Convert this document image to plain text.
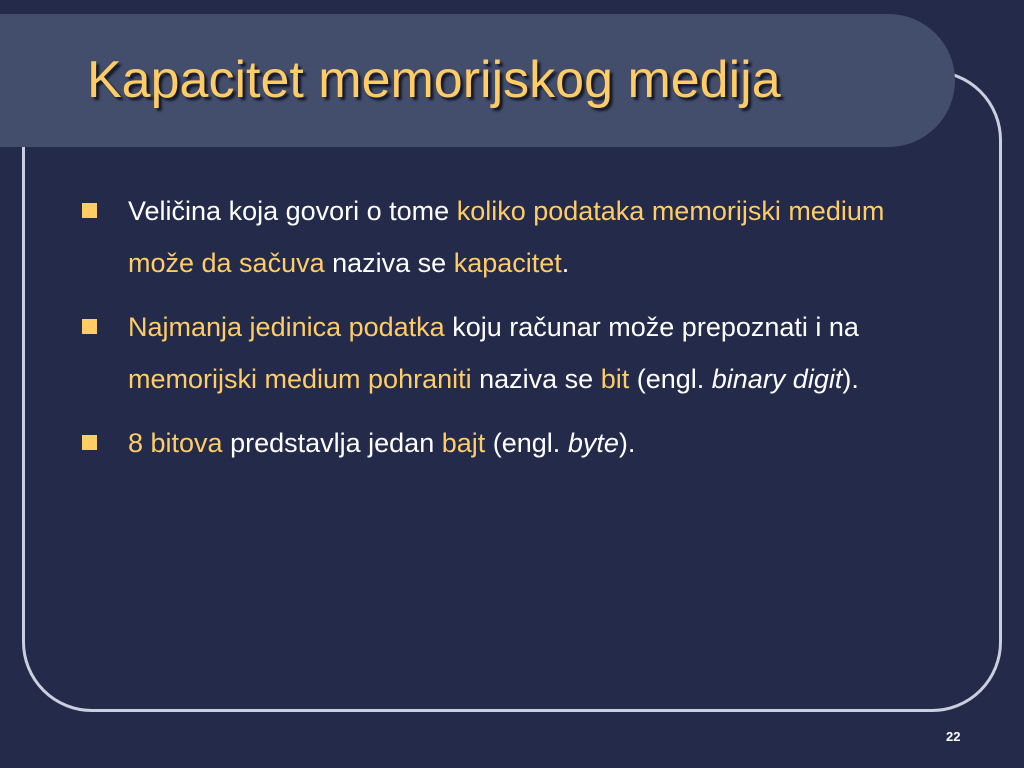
Kapacitet memorijskog medija
Veličina koja govori o tome koliko podataka memorijski medium može da sačuva naziva se kapacitet.
Najmanja jedinica podatka koju računar može prepoznati i na memorijski medium pohraniti naziva se bit (engl. binary digit).
8 bitova predstavlja jedan bajt (engl. byte).
22
